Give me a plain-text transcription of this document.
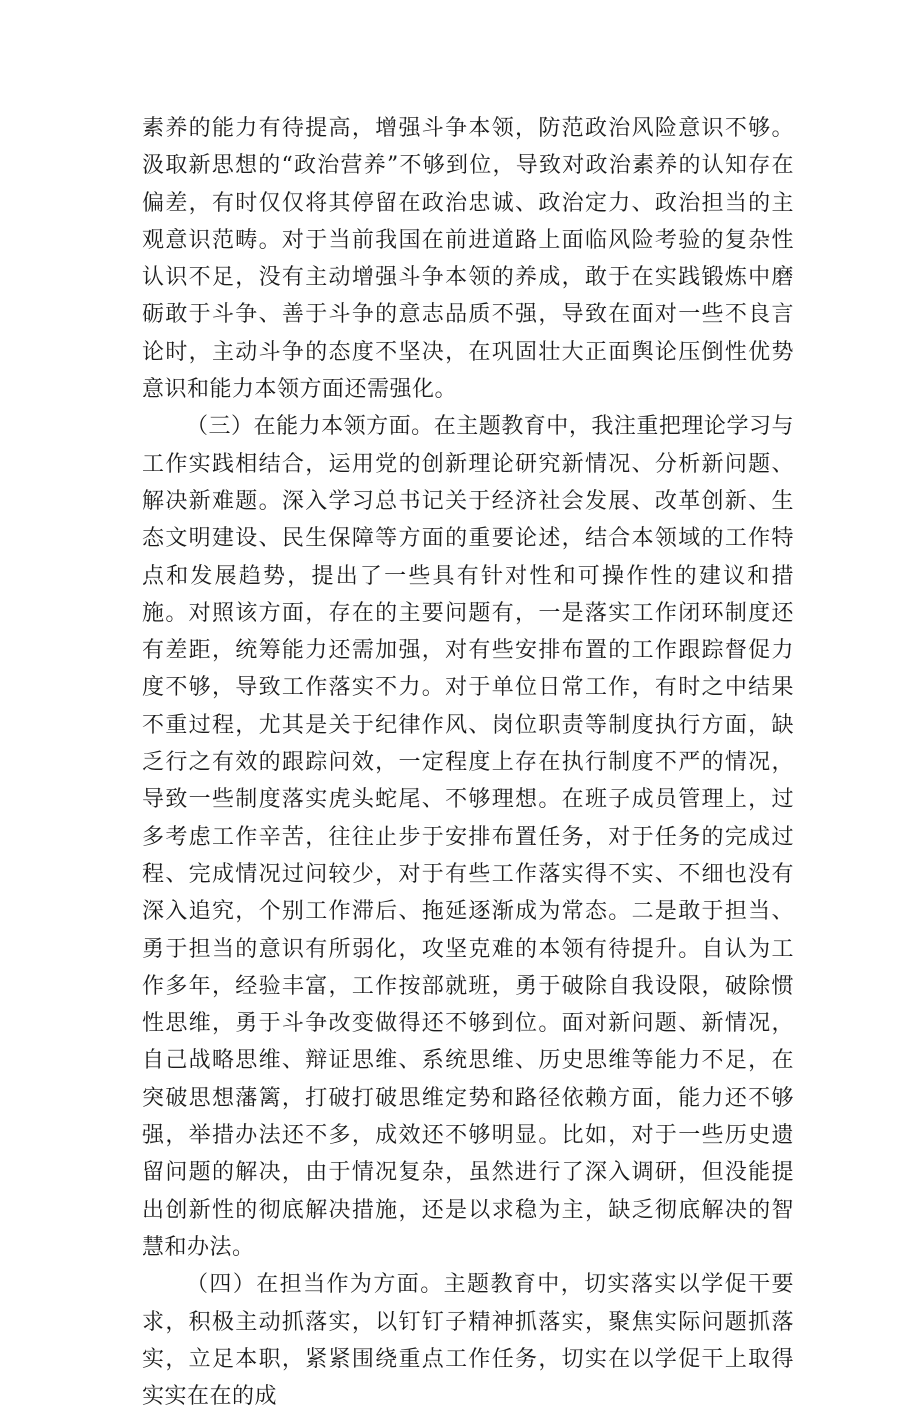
素养的能力有待提高，增强斗争本领，防范政治风险意识不够。汲取新思想的“政治营养”不够到位，导致对政治素养的认知存在偏差，有时仅仅将其停留在政治忠诚、政治定力、政治担当的主观意识范畴。对于当前我国在前进道路上面临风险考验的复杂性认识不足，没有主动增强斗争本领的养成，敢于在实践锻炼中磨砺敢于斗争、善于斗争的意志品质不强，导致在面对一些不良言论时，主动斗争的态度不坚决，在巩固壮大正面舆论压倒性优势意识和能力本领方面还需强化。

（三）在能力本领方面。在主题教育中，我注重把理论学习与工作实践相结合，运用党的创新理论研究新情况、分析新问题、解决新难题。深入学习总书记关于经济社会发展、改革创新、生态文明建设、民生保障等方面的重要论述，结合本领域的工作特点和发展趋势，提出了一些具有针对性和可操作性的建议和措施。对照该方面，存在的主要问题有，一是落实工作闭环制度还有差距，统筹能力还需加强，对有些安排布置的工作跟踪督促力度不够，导致工作落实不力。对于单位日常工作，有时之中结果不重过程，尤其是关于纪律作风、岗位职责等制度执行方面，缺乏行之有效的跟踪问效，一定程度上存在执行制度不严的情况，导致一些制度落实虎头蛇尾、不够理想。在班子成员管理上，过多考虑工作辛苦，往往止步于安排布置任务，对于任务的完成过程、完成情况过问较少，对于有些工作落实得不实、不细也没有深入追究，个别工作滞后、拖延逐渐成为常态。二是敢于担当、勇于担当的意识有所弱化，攻坚克难的本领有待提升。自认为工作多年，经验丰富，工作按部就班，勇于破除自我设限，破除惯性思维，勇于斗争改变做得还不够到位。面对新问题、新情况，自己战略思维、辩证思维、系统思维、历史思维等能力不足，在突破思想藩篱，打破打破思维定势和路径依赖方面，能力还不够强，举措办法还不多，成效还不够明显。比如，对于一些历史遗留问题的解决，由于情况复杂，虽然进行了深入调研，但没能提出创新性的彻底解决措施，还是以求稳为主，缺乏彻底解决的智慧和办法。

（四）在担当作为方面。主题教育中，切实落实以学促干要求，积极主动抓落实，以钉钉子精神抓落实，聚焦实际问题抓落实，立足本职，紧紧围绕重点工作任务，切实在以学促干上取得实实在在的成
